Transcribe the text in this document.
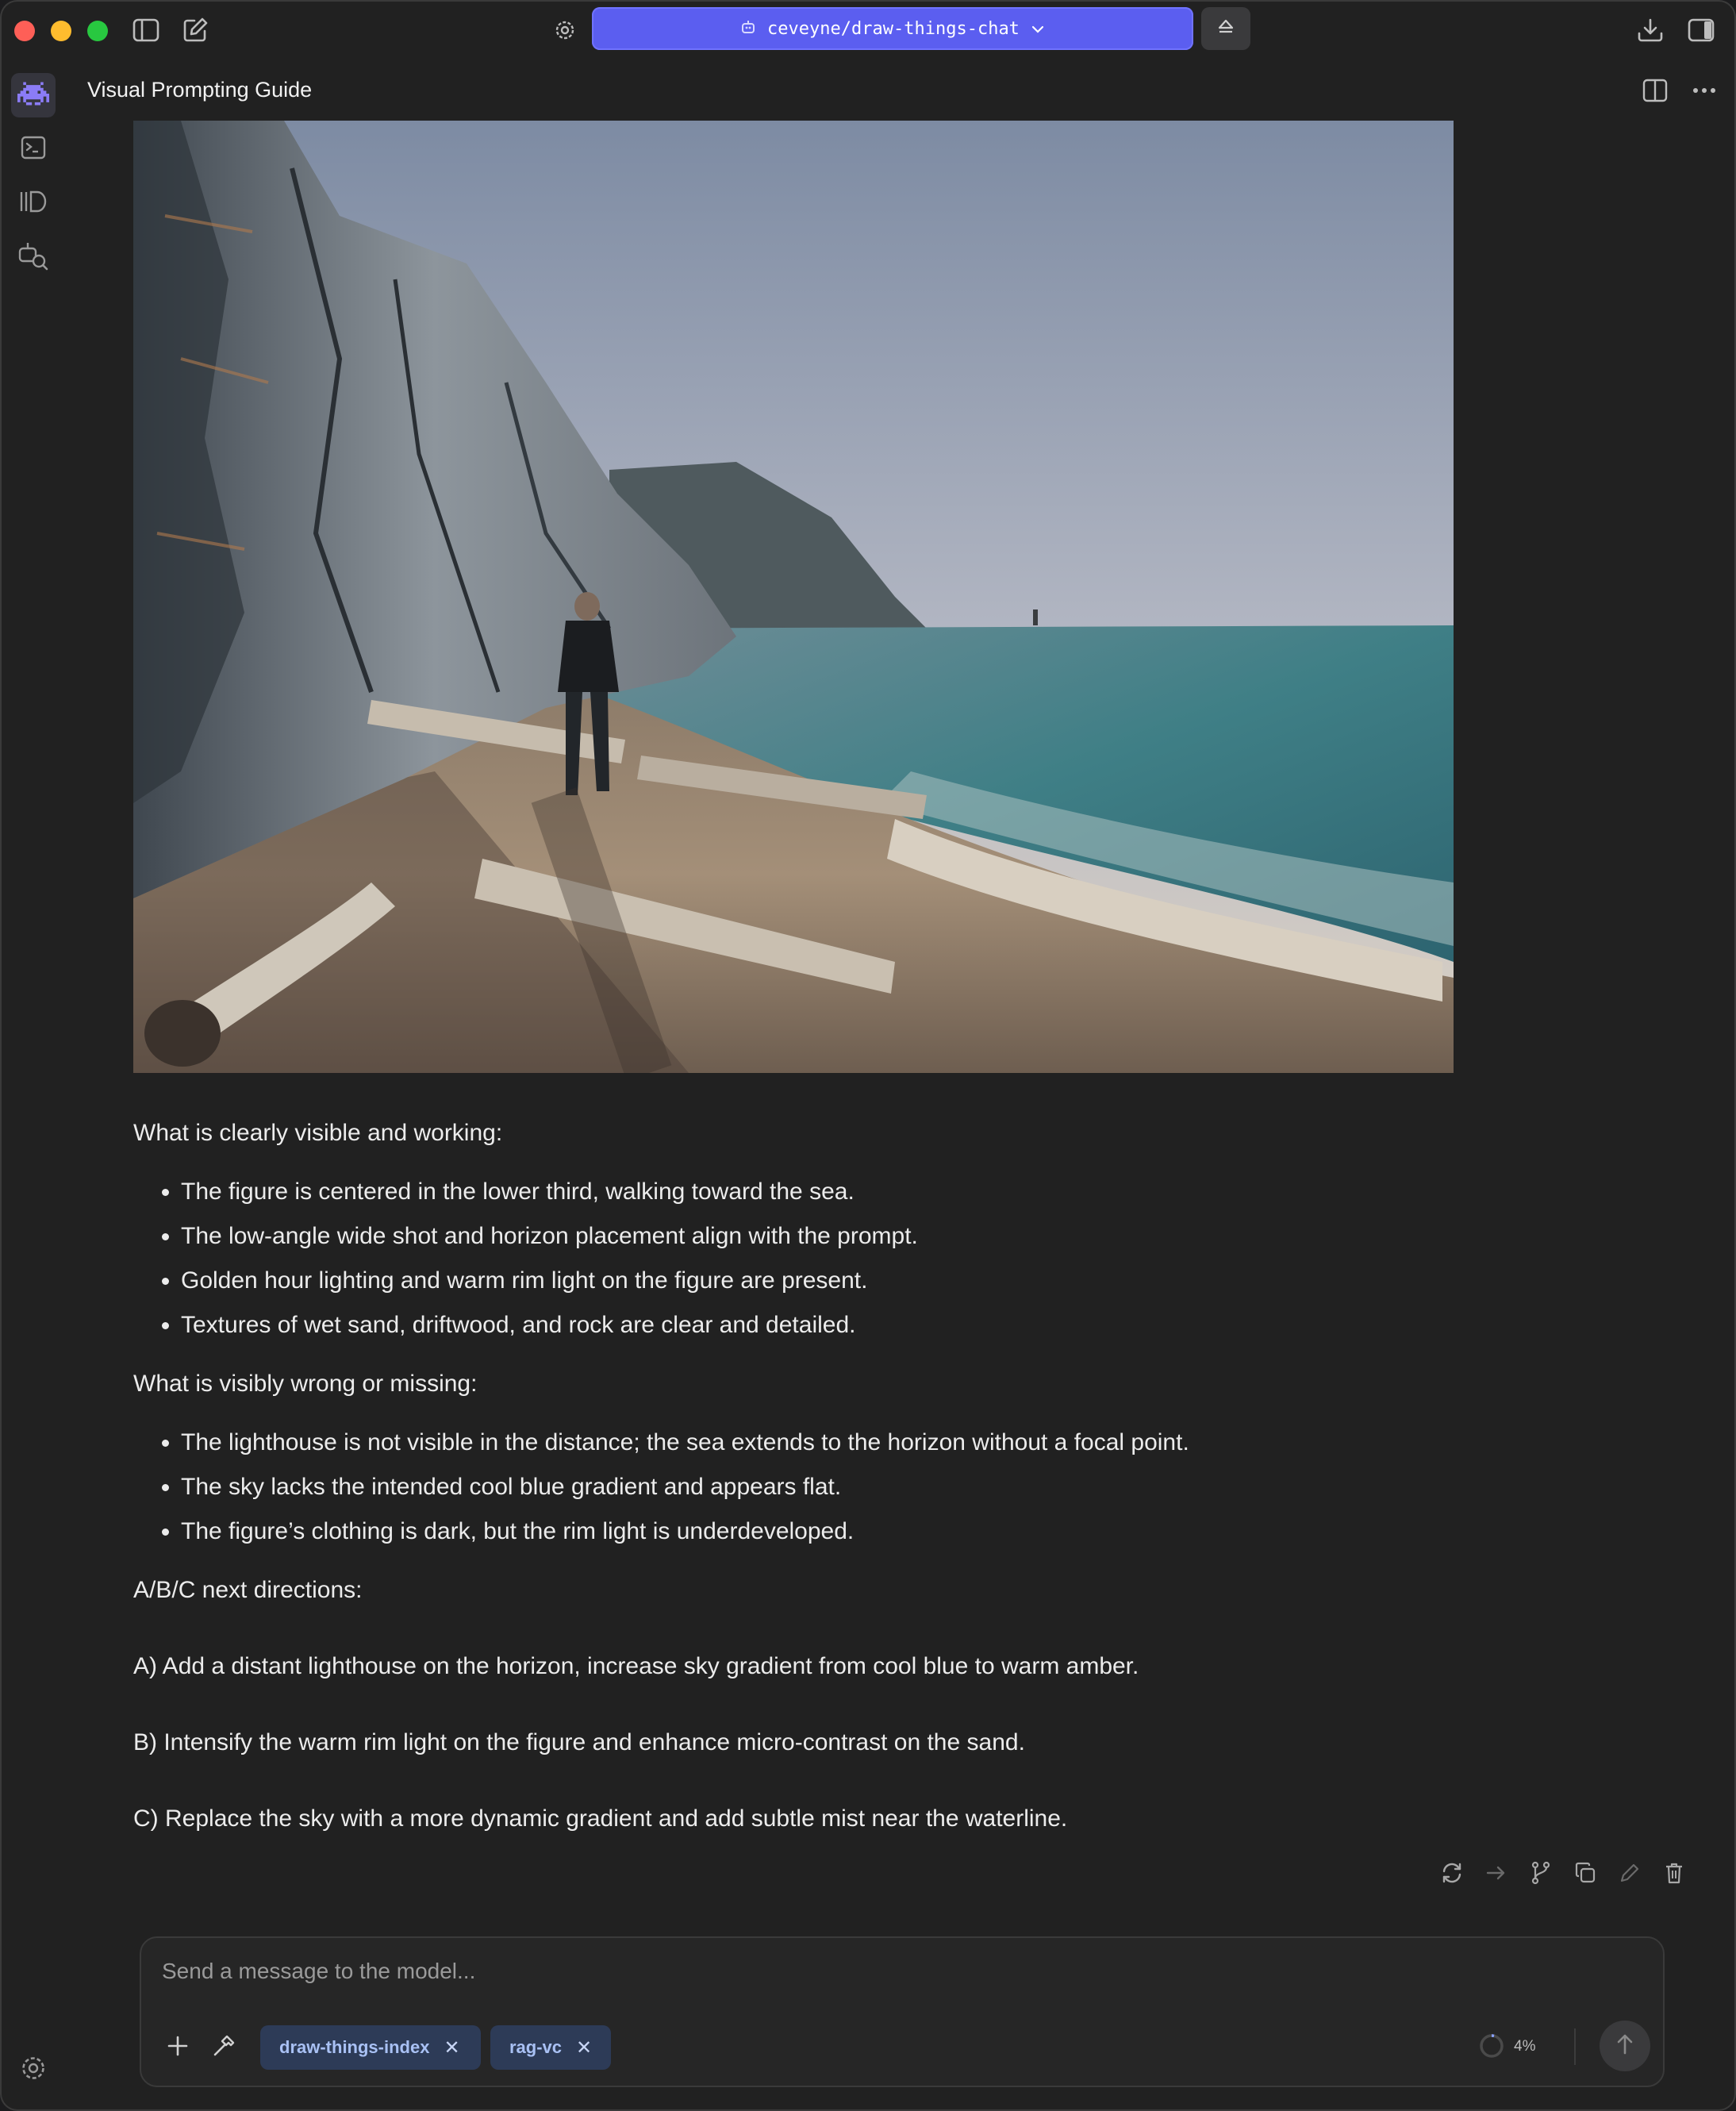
ceveyne/draw-things-chat
Visual Prompting Guide

What is clearly visible and working:

• The figure is centered in the lower third, walking toward the sea.
• The low-angle wide shot and horizon placement align with the prompt.
• Golden hour lighting and warm rim light on the figure are present.
• Textures of wet sand, driftwood, and rock are clear and detailed.

What is visibly wrong or missing:

• The lighthouse is not visible in the distance; the sea extends to the horizon without a focal point.
• The sky lacks the intended cool blue gradient and appears flat.
• The figure’s clothing is dark, but the rim light is underdeveloped.

A/B/C next directions:

A) Add a distant lighthouse on the horizon, increase sky gradient from cool blue to warm amber.

B) Intensify the warm rim light on the figure and enhance micro-contrast on the sand.

C) Replace the sky with a more dynamic gradient and add subtle mist near the waterline.

Send a message to the model...
draw-things-index ✕	rag-vc ✕	4%
